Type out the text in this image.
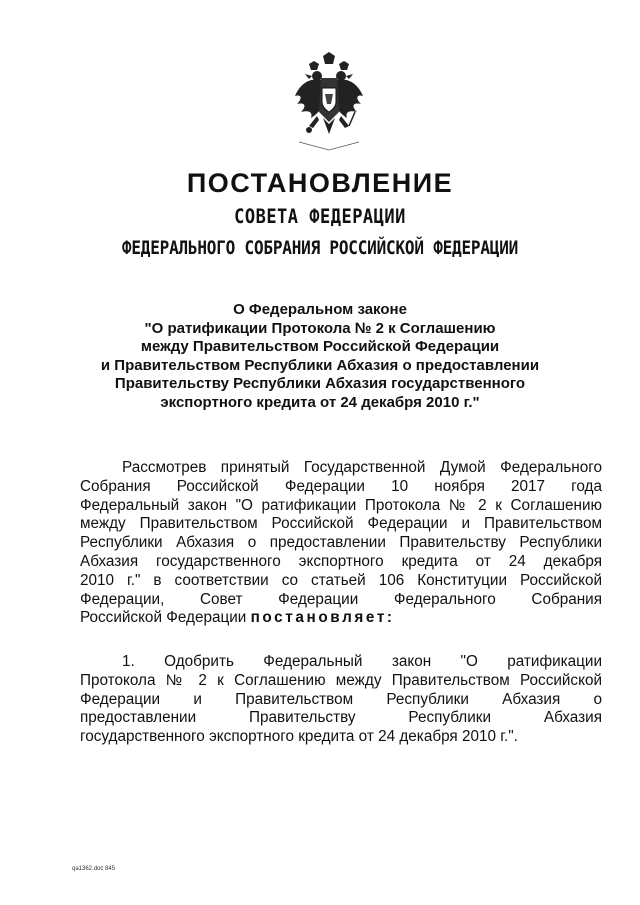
ПОСТАНОВЛЕНИЕ
СОВЕТА ФЕДЕРАЦИИ
ФЕДЕРАЛЬНОГО СОБРАНИЯ РОССИЙСКОЙ ФЕДЕРАЦИИ
О Федеральном законе
"О ратификации Протокола № 2 к Соглашению
между Правительством Российской Федерации
и Правительством Республики Абхазия о предоставлении
Правительству Республики Абхазия государственного
экспортного кредита от 24 декабря 2010 г."
Рассмотрев принятый Государственной Думой Федерального
Собрания Российской Федерации 10 ноября 2017 года
Федеральный закон "О ратификации Протокола № 2 к Соглашению
между Правительством Российской Федерации и Правительством
Республики Абхазия о предоставлении Правительству Республики
Абхазия государственного экспортного кредита от 24 декабря
2010 г." в соответствии со статьей 106 Конституции Российской
Федерации, Совет Федерации Федерального Собрания
Российской Федерации постановляет:
1. Одобрить Федеральный закон "О ратификации
Протокола № 2 к Соглашению между Правительством Российской
Федерации и Правительством Республики Абхазия о
предоставлении Правительству Республики Абхазия
государственного экспортного кредита от 24 декабря 2010 г.".
qa1362.doc 845
